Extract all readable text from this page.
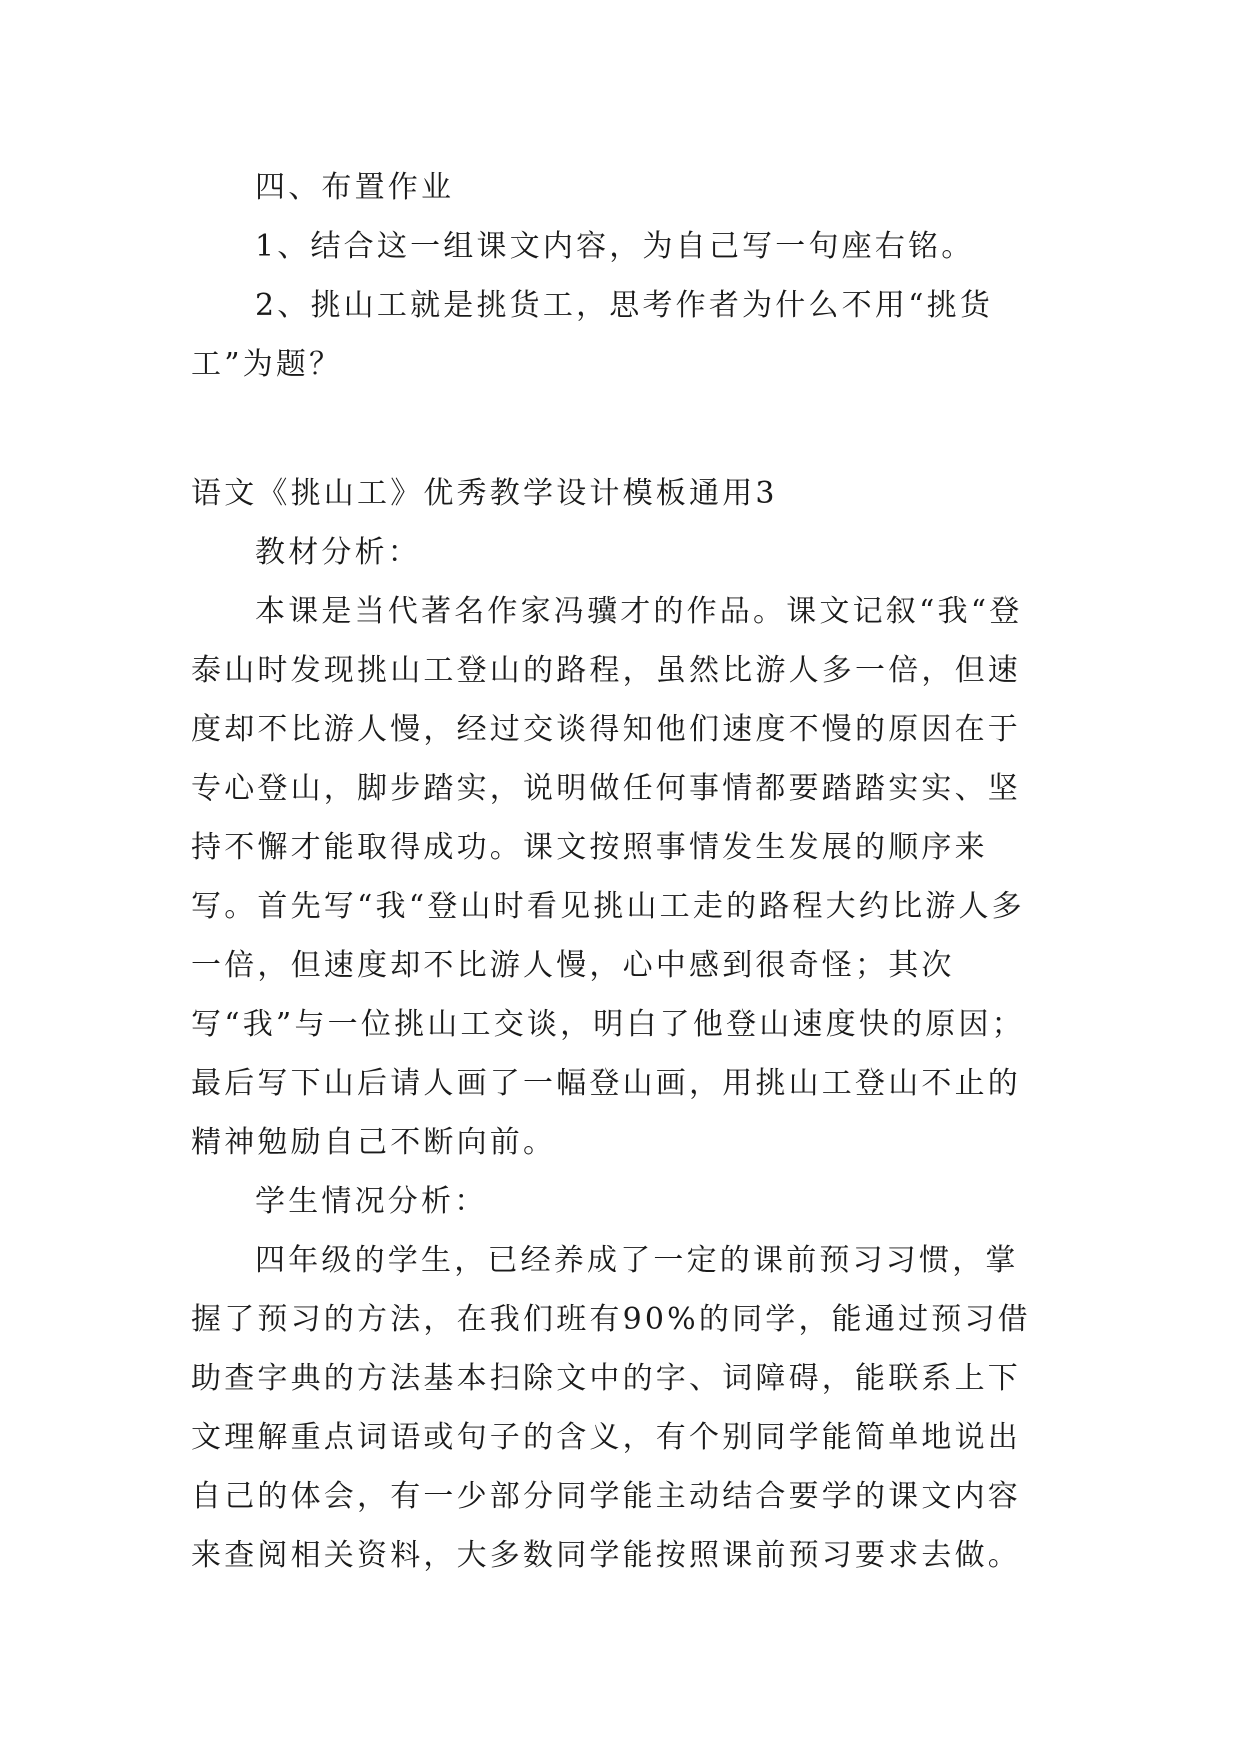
四、布置作业

1、结合这一组课文内容，为自己写一句座右铭。

2、挑山工就是挑货工，思考作者为什么不用“挑货工”为题？

语文《挑山工》优秀教学设计模板通用3

教材分析：

本课是当代著名作家冯骥才的作品。课文记叙“我“登泰山时发现挑山工登山的路程，虽然比游人多一倍，但速度却不比游人慢，经过交谈得知他们速度不慢的原因在于专心登山，脚步踏实，说明做任何事情都要踏踏实实、坚持不懈才能取得成功。课文按照事情发生发展的顺序来写。首先写“我“登山时看见挑山工走的路程大约比游人多一倍，但速度却不比游人慢，心中感到很奇怪；其次写“我”与一位挑山工交谈，明白了他登山速度快的原因；最后写下山后请人画了一幅登山画，用挑山工登山不止的精神勉励自己不断向前。

学生情况分析：

四年级的学生，已经养成了一定的课前预习习惯，掌握了预习的方法，在我们班有90%的同学，能通过预习借助查字典的方法基本扫除文中的字、词障碍，能联系上下文理解重点词语或句子的含义，有个别同学能简单地说出自己的体会，有一少部分同学能主动结合要学的课文内容来查阅相关资料，大多数同学能按照课前预习要求去做。
